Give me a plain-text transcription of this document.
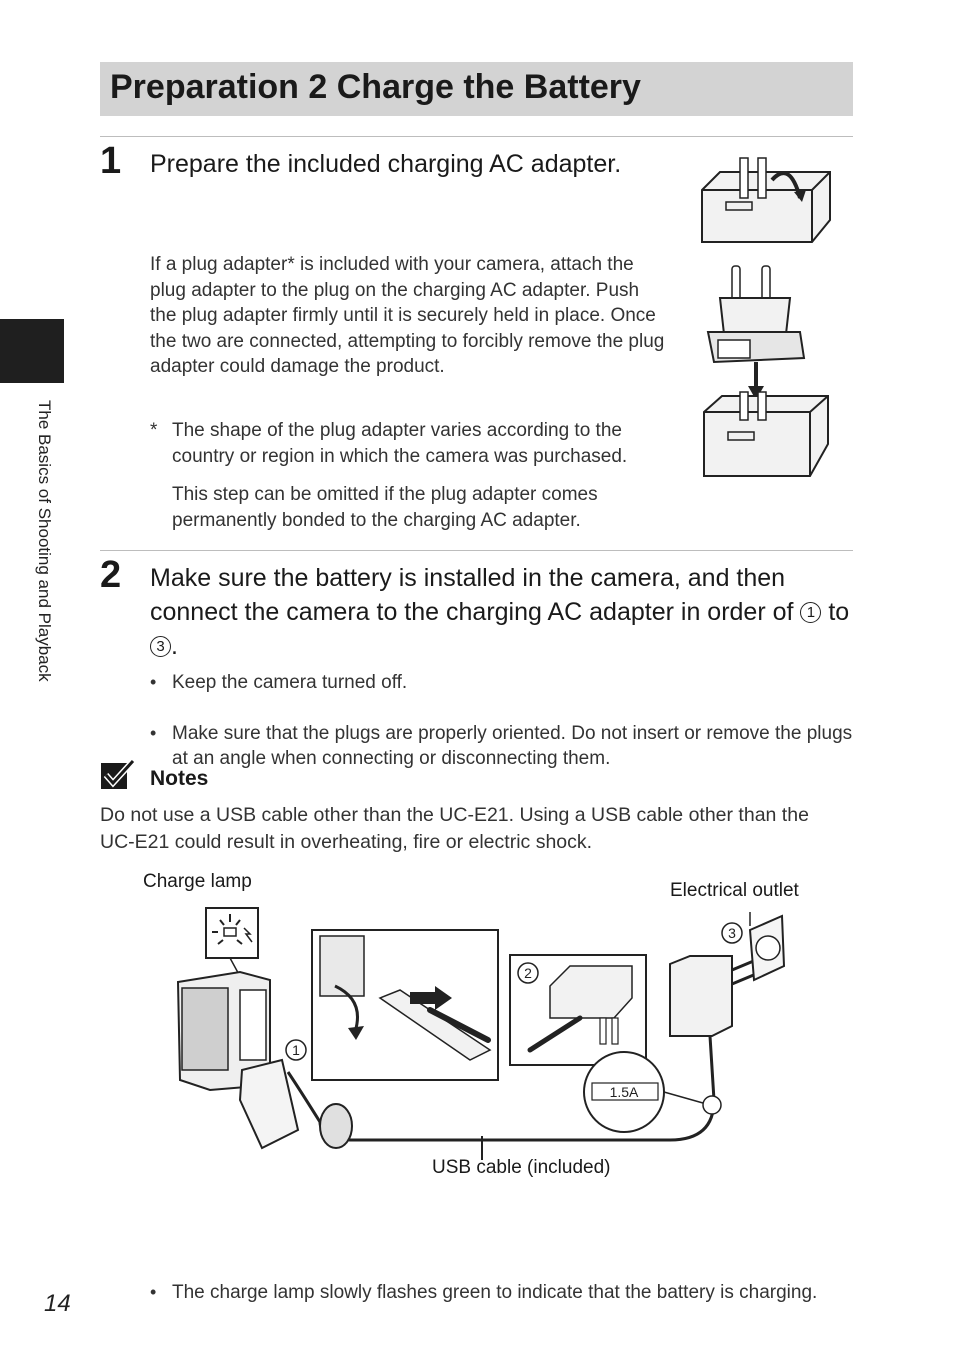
Preparation 2 Charge the Battery
The Basics of Shooting and Playback
1 Prepare the included charging AC adapter.
If a plug adapter* is included with your camera, attach the plug adapter to the plug on the charging AC adapter. Push the plug adapter firmly until it is securely held in place. Once the two are connected, attempting to forcibly remove the plug adapter could damage the product.
* The shape of the plug adapter varies according to the country or region in which the camera was purchased.
This step can be omitted if the plug adapter comes permanently bonded to the charging AC adapter.
2 Make sure the battery is installed in the camera, and then connect the camera to the charging AC adapter in order of 1 to 3 .
• Keep the camera turned off.
• Make sure that the plugs are properly oriented. Do not insert or remove the plugs at an angle when connecting or disconnecting them.
Notes
Do not use a USB cable other than the UC-E21. Using a USB cable other than the UC-E21 could result in overheating, fire or electric shock.
Charge lamp	Electrical outlet
1
2
3
1.5A
USB cable (included)
• The charge lamp slowly flashes green to indicate that the battery is charging.
14
